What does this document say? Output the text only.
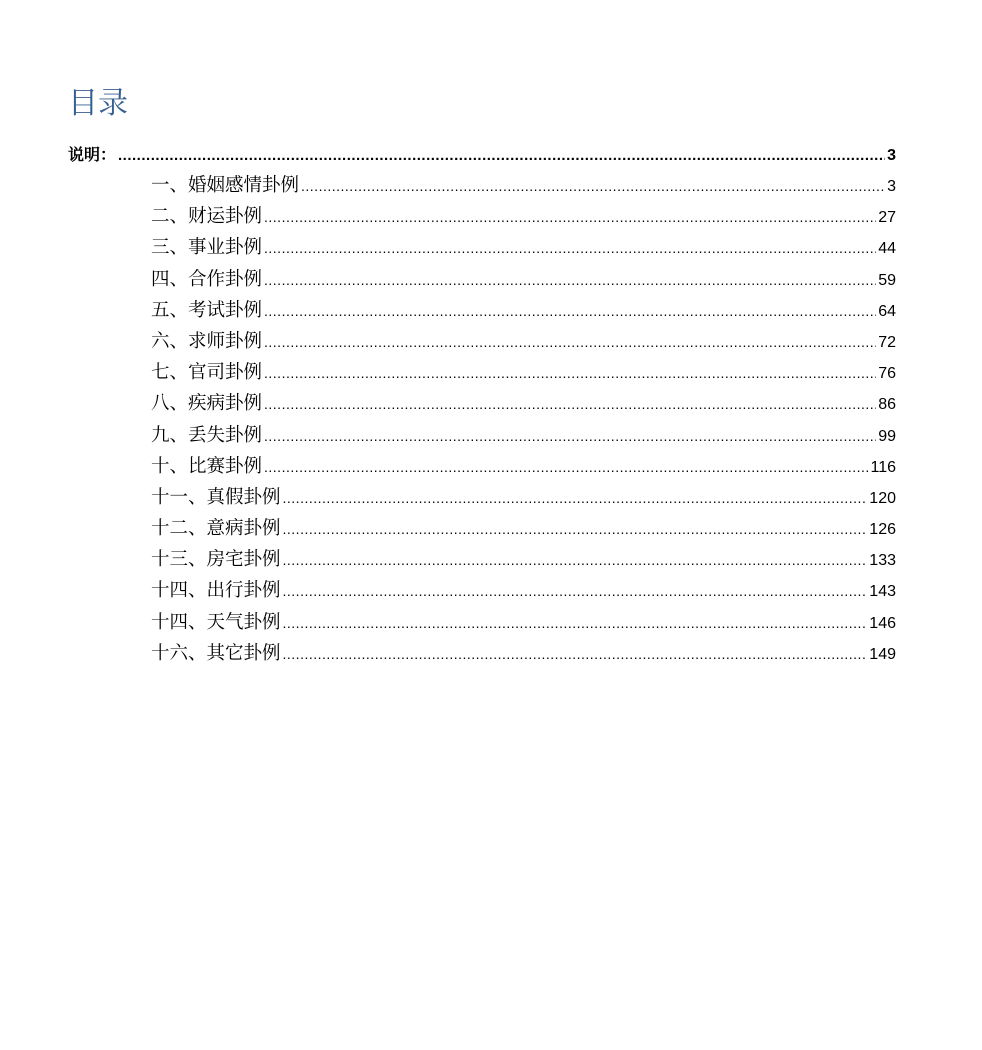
目录
说明： .....	3
一、婚姻感情卦例 .....	3
二、财运卦例 .....	27
三、事业卦例 .....	44
四、合作卦例 .....	59
五、考试卦例 .....	64
六、求师卦例 .....	72
七、官司卦例 .....	76
八、疾病卦例 .....	86
九、丢失卦例 .....	99
十、比赛卦例 .....	116
十一、真假卦例 .....	120
十二、意病卦例 .....	126
十三、房宅卦例 .....	133
十四、出行卦例 .....	143
十四、天气卦例 .....	146
十六、其它卦例 .....	149
